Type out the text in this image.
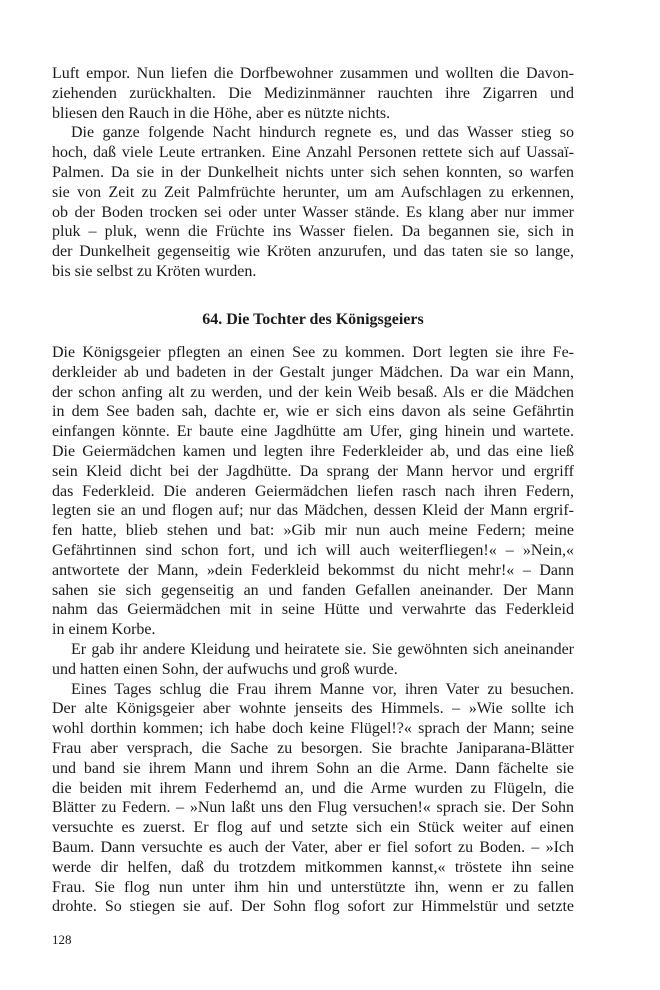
Luft empor. Nun liefen die Dorfbewohner zusammen und wollten die Davon-
ziehenden zurückhalten. Die Medizinmänner rauchten ihre Zigarren und
bliesen den Rauch in die Höhe, aber es nützte nichts.
Die ganze folgende Nacht hindurch regnete es, und das Wasser stieg so
hoch, daß viele Leute ertranken. Eine Anzahl Personen rettete sich auf Uassaï-
Palmen. Da sie in der Dunkelheit nichts unter sich sehen konnten, so warfen
sie von Zeit zu Zeit Palmfrüchte herunter, um am Aufschlagen zu erkennen,
ob der Boden trocken sei oder unter Wasser stände. Es klang aber nur immer
pluk – pluk, wenn die Früchte ins Wasser fielen. Da begannen sie, sich in
der Dunkelheit gegenseitig wie Kröten anzurufen, und das taten sie so lange,
bis sie selbst zu Kröten wurden.
64. Die Tochter des Königsgeiers
Die Königsgeier pflegten an einen See zu kommen. Dort legten sie ihre Fe-
derkleider ab und badeten in der Gestalt junger Mädchen. Da war ein Mann,
der schon anfing alt zu werden, und der kein Weib besaß. Als er die Mädchen
in dem See baden sah, dachte er, wie er sich eins davon als seine Gefährtin
einfangen könnte. Er baute eine Jagdhütte am Ufer, ging hinein und wartete.
Die Geiermädchen kamen und legten ihre Federkleider ab, und das eine ließ
sein Kleid dicht bei der Jagdhütte. Da sprang der Mann hervor und ergriff
das Federkleid. Die anderen Geiermädchen liefen rasch nach ihren Federn,
legten sie an und flogen auf; nur das Mädchen, dessen Kleid der Mann ergrif-
fen hatte, blieb stehen und bat: »Gib mir nun auch meine Federn; meine
Gefährtinnen sind schon fort, und ich will auch weiterfliegen!« – »Nein,«
antwortete der Mann, »dein Federkleid bekommst du nicht mehr!« – Dann
sahen sie sich gegenseitig an und fanden Gefallen aneinander. Der Mann
nahm das Geiermädchen mit in seine Hütte und verwahrte das Federkleid
in einem Korbe.
Er gab ihr andere Kleidung und heiratete sie. Sie gewöhnten sich aneinander
und hatten einen Sohn, der aufwuchs und groß wurde.
Eines Tages schlug die Frau ihrem Manne vor, ihren Vater zu besuchen.
Der alte Königsgeier aber wohnte jenseits des Himmels. – »Wie sollte ich
wohl dorthin kommen; ich habe doch keine Flügel!?« sprach der Mann; seine
Frau aber versprach, die Sache zu besorgen. Sie brachte Janiparana-Blätter
und band sie ihrem Mann und ihrem Sohn an die Arme. Dann fächelte sie
die beiden mit ihrem Federhemd an, und die Arme wurden zu Flügeln, die
Blätter zu Federn. – »Nun laßt uns den Flug versuchen!« sprach sie. Der Sohn
versuchte es zuerst. Er flog auf und setzte sich ein Stück weiter auf einen
Baum. Dann versuchte es auch der Vater, aber er fiel sofort zu Boden. – »Ich
werde dir helfen, daß du trotzdem mitkommen kannst,« tröstete ihn seine
Frau. Sie flog nun unter ihm hin und unterstützte ihn, wenn er zu fallen
drohte. So stiegen sie auf. Der Sohn flog sofort zur Himmelstür und setzte
128
